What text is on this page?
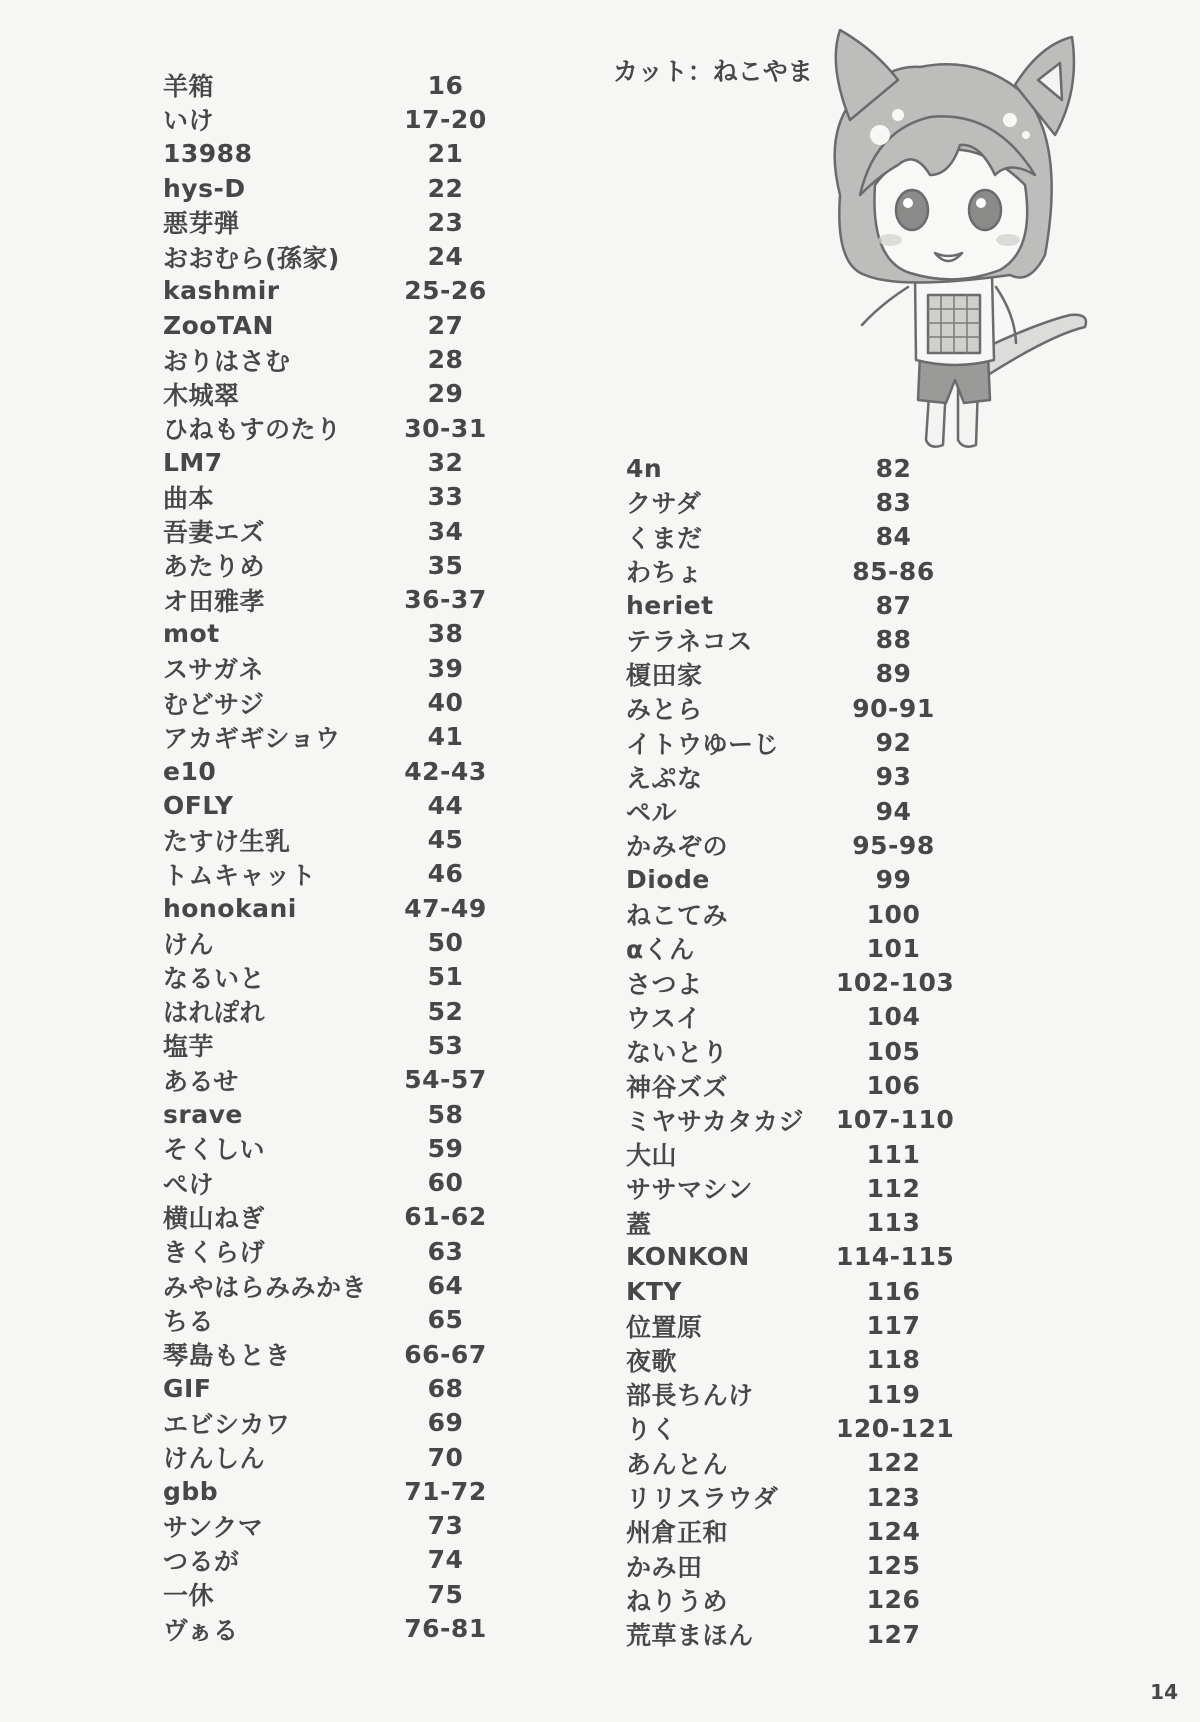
羊箱	16
いけ	17-20
13988	21
hys-D	22
悪芽弾	23
おおむら(孫家)	24
kashmir	25-26
ZooTAN	27
おりはさむ	28
木城翠	29
ひねもすのたり	30-31
LM7	32
曲本	33
吾妻エズ	34
あたりめ	35
オ田雅孝	36-37
mot	38
スサガネ	39
むどサジ	40
アカギギショウ	41
e10	42-43
OFLY	44
たすけ生乳	45
トムキャット	46
honokani	47-49
けん	50
なるいと	51
はれぽれ	52
塩芋	53
あるせ	54-57
srave	58
そくしい	59
ぺけ	60
横山ねぎ	61-62
きくらげ	63
みやはらみみかき	64
ちる	65
琴島もとき	66-67
GIF	68
エビシカワ	69
けんしん	70
gbb	71-72
サンクマ	73
つるが	74
一休	75
ヴぁる	76-81
カット：ねこやま
4n	82
クサダ	83
くまだ	84
わちょ	85-86
heriet	87
テラネコス	88
榎田家	89
みとら	90-91
イトウゆーじ	92
えぷな	93
ペル	94
かみぞの	95-98
Diode	99
ねこてみ	100
αくん	101
さつよ	102-103
ウスイ	104
ないとり	105
神谷ズズ	106
ミヤサカタカジ	107-110
大山	111
ササマシン	112
蓋	113
KONKON	114-115
KTY	116
位置原	117
夜歌	118
部長ちんけ	119
りく	120-121
あんとん	122
リリスラウダ	123
州倉正和	124
かみ田	125
ねりうめ	126
荒草まほん	127
14
